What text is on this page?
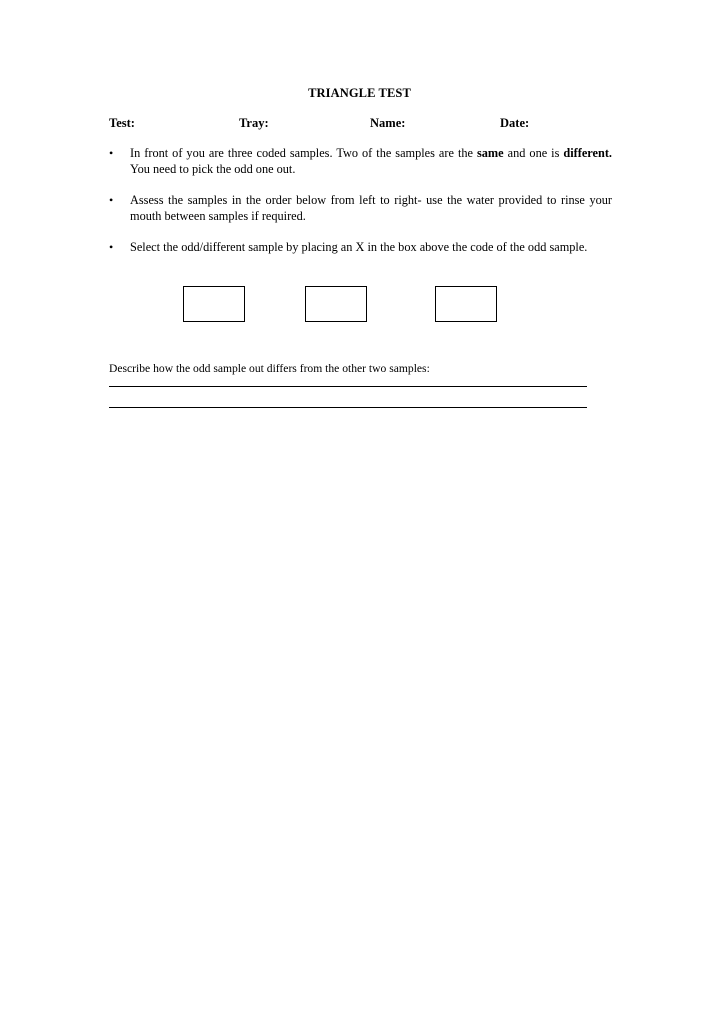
TRIANGLE TEST
Test:	Tray:	Name:	Date:
• In front of you are three coded samples. Two of the samples are the same and one is different. You need to pick the odd one out.
• Assess the samples in the order below from left to right- use the water provided to rinse your mouth between samples if required.
• Select the odd/different sample by placing an X in the box above the code of the odd sample.
Describe how the odd sample out differs from the other two samples:
